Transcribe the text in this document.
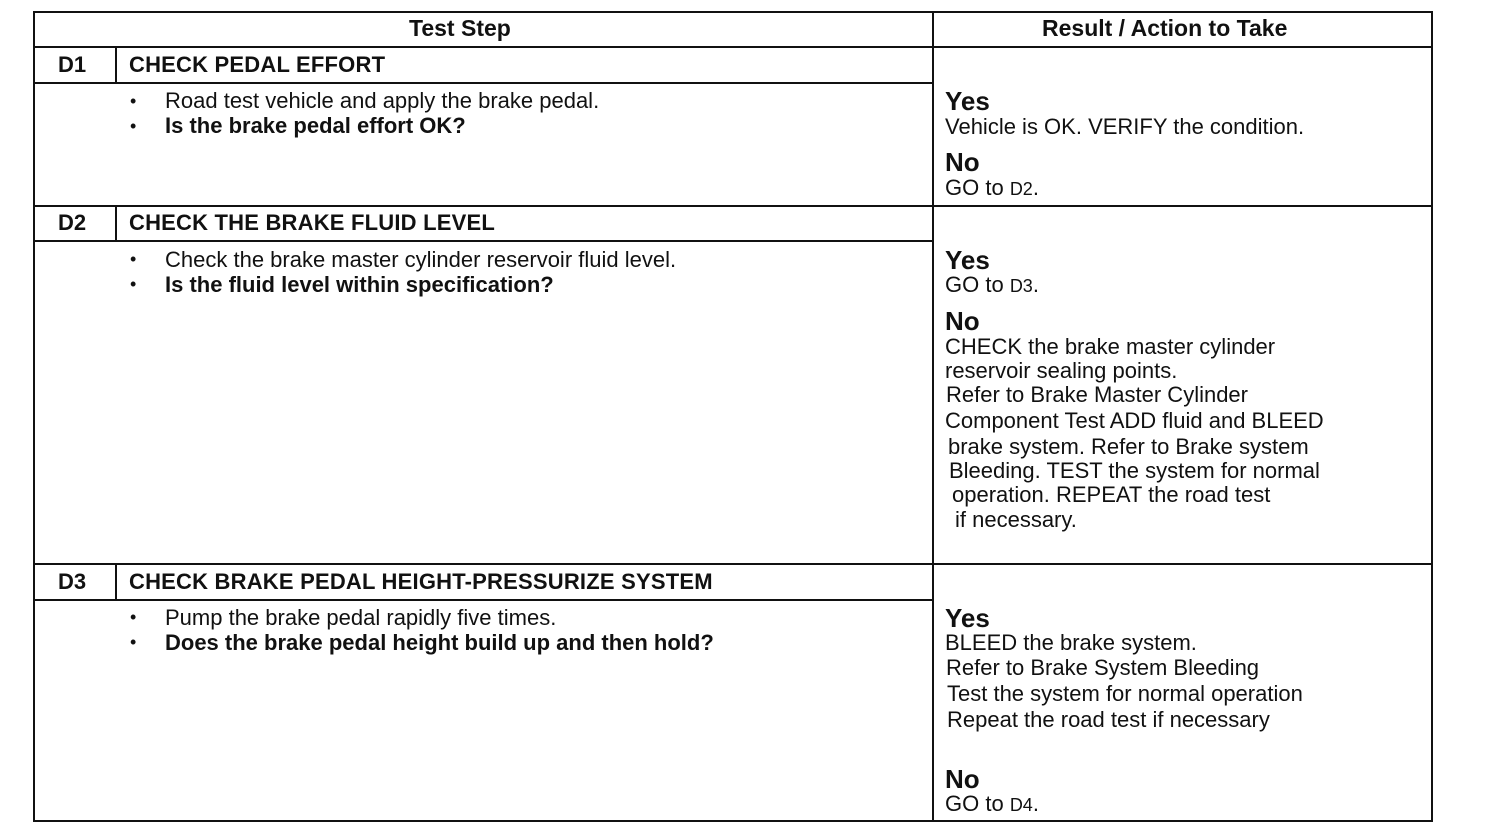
Test Step	Result / Action to Take
D1 CHECK PEDAL EFFORT
• Road test vehicle and apply the brake pedal.
• Is the brake pedal effort OK?
Yes
Vehicle is OK. VERIFY the condition.
No
GO to D2.
D2 CHECK THE BRAKE FLUID LEVEL
• Check the brake master cylinder reservoir fluid level.
• Is the fluid level within specification?
Yes
GO to D3.
No
CHECK the brake master cylinder
reservoir sealing points.
Refer to Brake Master Cylinder
Component Test ADD fluid and BLEED
brake system. Refer to Brake system
Bleeding. TEST the system for normal
operation. REPEAT the road test
if necessary.
D3 CHECK BRAKE PEDAL HEIGHT-PRESSURIZE SYSTEM
• Pump the brake pedal rapidly five times.
• Does the brake pedal height build up and then hold?
Yes
BLEED the brake system.
Refer to Brake System Bleeding
Test the system for normal operation
Repeat the road test if necessary
No
GO to D4.
